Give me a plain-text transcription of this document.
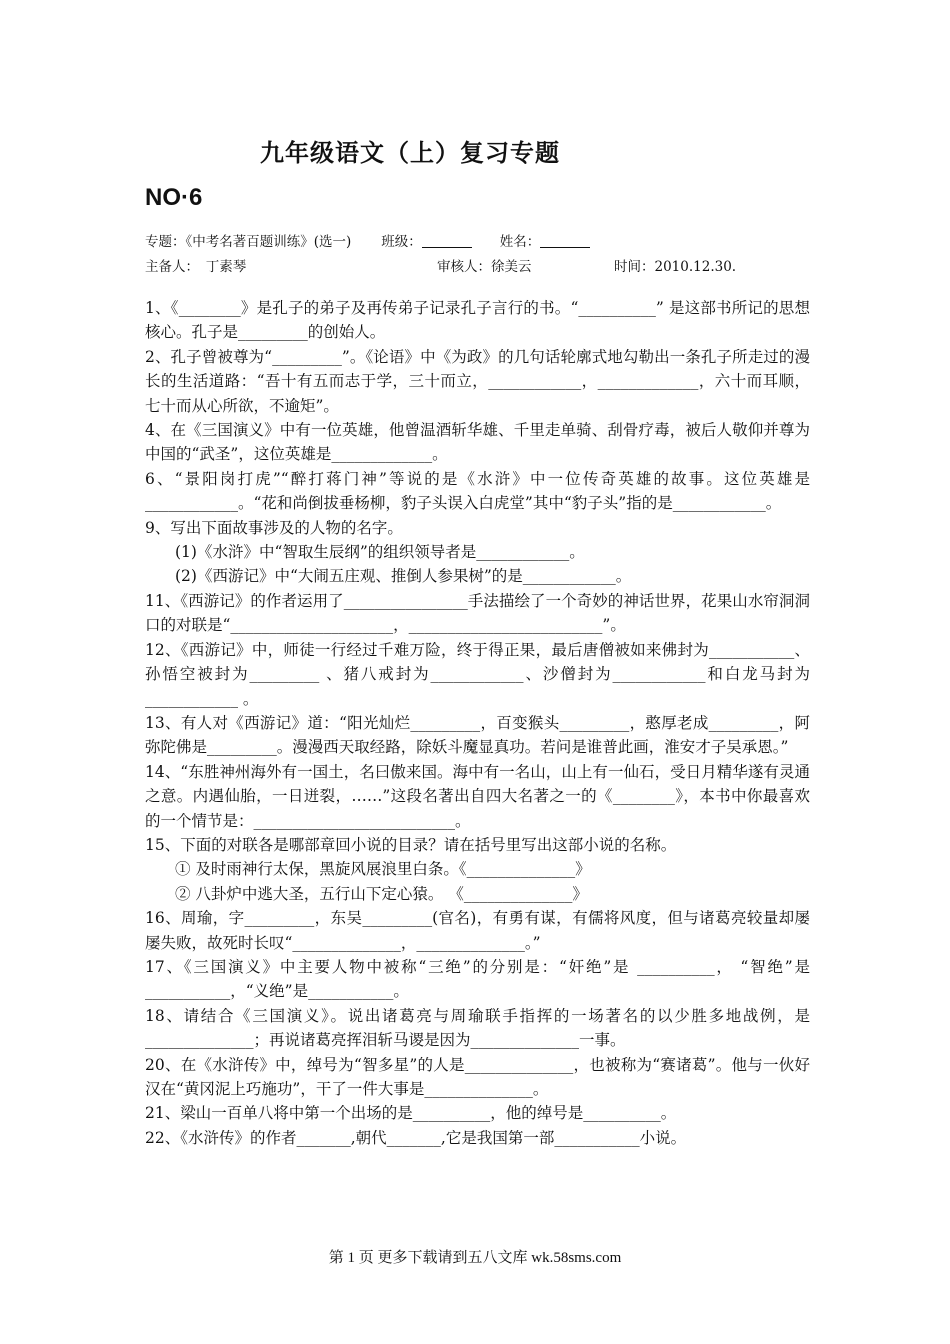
九年级语文（上）复习专题
NO·6
专题：《中考名著百题训练》(选一) 班级：	姓名：
主备人：　丁素琴	审核人：徐美云	时间：2010.12.30.

1、《________》是孔子的弟子及再传弟子记录孔子言行的书。“__________” 是这部书所记的思想核心。孔子是_________的创始人。

2、孔子曾被尊为“_________”。《论语》中《为政》的几句话轮廓式地勾勒出一条孔子所走过的漫长的生活道路：“吾十有五而志于学，三十而立，____________，_____________，六十而耳顺，七十而从心所欲，不逾矩”。

4、在《三国演义》中有一位英雄，他曾温酒斩华雄、千里走单骑、刮骨疗毒，被后人敬仰并尊为中国的“武圣”，这位英雄是_____________。

6、“景阳岗打虎”“醉打蒋门神”等说的是《水浒》中一位传奇英雄的故事。这位英雄是____________。“花和尚倒拔垂杨柳，豹子头误入白虎堂”其中“豹子头”指的是____________。

9、写出下面故事涉及的人物的名字。

(1)《水浒》中“智取生辰纲”的组织领导者是____________。

(2)《西游记》中“大闹五庄观、推倒人参果树”的是____________。

11、《西游记》的作者运用了________________手法描绘了一个奇妙的神话世界，花果山水帘洞洞口的对联是“_____________________，_________________________”。

12、《西游记》中，师徒一行经过千难万险，终于得正果，最后唐僧被如来佛封为___________、孙悟空被封为_________ 、猪八戒封为____________、沙僧封为____________和白龙马封为____________ 。

13、有人对《西游记》道：“阳光灿烂_________，百变猴头_________，憨厚老成_________，阿弥陀佛是_________。漫漫西天取经路，除妖斗魔显真功。若问是谁普此画，淮安才子吴承恩。”

14、“东胜神州海外有一国土，名曰傲来国。海中有一名山，山上有一仙石，受日月精华遂有灵通之意。内遇仙胎，一日迸裂，……”这段名著出自四大名著之一的《________》，本书中你最喜欢的一个情节是：__________________________。

15、下面的对联各是哪部章回小说的目录？请在括号里写出这部小说的名称。

① 及时雨神行太保，黑旋风展浪里白条。《______________》

② 八卦炉中逃大圣，五行山下定心猿。 《______________》

16、周瑜，字_________，东吴_________(官名)，有勇有谋，有儒将风度，但与诸葛亮较量却屡屡失败，故死时长叹“______________，______________。”

17、《三国演义》中主要人物中被称“三绝”的分别是：“奸绝”是 __________， “智绝”是___________，“义绝”是___________。

18、请结合《三国演义》。说出诸葛亮与周瑜联手指挥的一场著名的以少胜多地战例，是______________；再说诸葛亮挥泪斩马谡是因为______________一事。

20、在《水浒传》中，绰号为“智多星”的人是______________，也被称为“赛诸葛”。他与一伙好汉在“黄冈泥上巧施功”，干了一件大事是______________。

21、梁山一百单八将中第一个出场的是__________，他的绰号是__________。

22、《水浒传》的作者_______,朝代_______,它是我国第一部___________小说。

第 1 页 更多下载请到五八文库 wk.58sms.com
